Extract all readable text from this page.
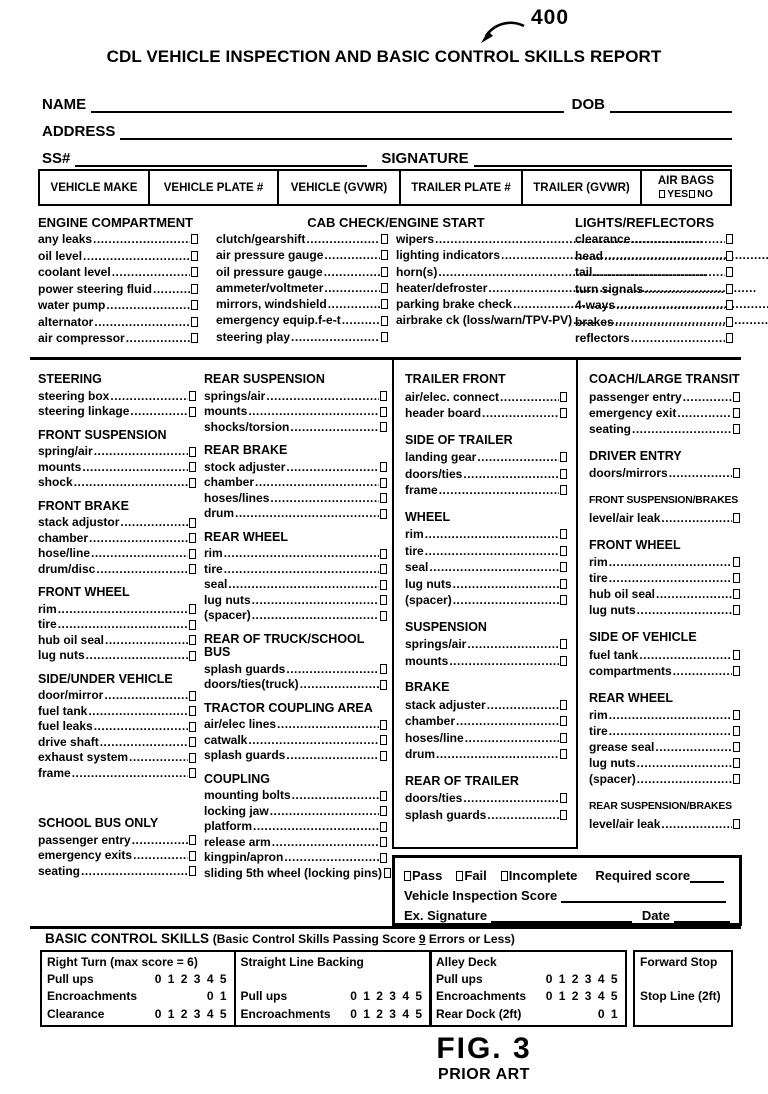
400
CDL VEHICLE INSPECTION AND BASIC CONTROL SKILLS REPORT
NAME	DOB
ADDRESS
SS#	SIGNATURE
VEHICLE MAKE	VEHICLE PLATE #	VEHICLE (GVWR)	TRAILER PLATE #	TRAILER (GVWR)
AIR BAGS
YES NO
ENGINE COMPARTMENT
any leaks
.....
oil level
.....
coolant level
.....
power steering fluid
.....
water pump
.....
alternator
.....
air compressor
.....
CAB CHECK/ENGINE START
clutch/gearshift
.....
air pressure gauge
.....
oil pressure gauge
.....
ammeter/voltmeter
.....
mirrors, windshield
.....
emergency equip.f-e-t
.....
steering play
.....
wipers
.....
lighting indicators
.....
horn(s)
.....
heater/defroster
.....
parking brake check
.....
airbrake ck (loss/warn/TPV-PV)
.....
LIGHTS/REFLECTORS
clearance
.....
head
.....
tail
.....
turn signals
.....
4-ways
.....
brakes
.....
reflectors
.....
STEERING
steering box
.....
steering linkage
.....
FRONT SUSPENSION
spring/air
.....
mounts
.....
shock
.....
FRONT BRAKE
stack adjustor
.....
chamber
.....
hose/line
.....
drum/disc
.....
FRONT WHEEL
rim
.....
tire
.....
hub oil seal
.....
lug nuts
.....
SIDE/UNDER VEHICLE
door/mirror
.....
fuel tank
.....
fuel leaks
.....
drive shaft
.....
exhaust system
.....
frame
.....
SCHOOL BUS ONLY
passenger entry
.....
emergency exits
.....
seating
.....
REAR SUSPENSION
springs/air
.....
mounts
.....
shocks/torsion
.....
REAR BRAKE
stock adjuster
.....
chamber
.....
hoses/lines
.....
drum
.....
REAR WHEEL
rim
.....
tire
.....
seal
.....
lug nuts
.....
(spacer)
.....
REAR OF TRUCK/SCHOOL BUS
splash guards
.....
doors/ties(truck)
.....
TRACTOR COUPLING AREA
air/elec lines
.....
catwalk
.....
splash guards
.....
COUPLING
mounting bolts
.....
locking jaw
.....
platform
.....
release arm
.....
kingpin/apron
.....
sliding 5th wheel (locking pins)
TRAILER FRONT
air/elec. connect
.....
header board
.....
SIDE OF TRAILER
landing gear
.....
doors/ties
.....
frame
.....
WHEEL
rim
.....
tire
.....
seal
.....
lug nuts
.....
(spacer)
.....
SUSPENSION
springs/air
.....
mounts
.....
BRAKE
stack adjuster
.....
chamber
.....
hoses/line
.....
drum
.....
REAR OF TRAILER
doors/ties
.....
splash guards
.....
COACH/LARGE TRANSIT
passenger entry
.....
emergency exit
.....
seating
.....
DRIVER ENTRY
doors/mirrors
.....
FRONT SUSPENSION/BRAKES
level/air leak
.....
FRONT WHEEL
rim
.....
tire
.....
hub oil seal
.....
lug nuts
.....
SIDE OF VEHICLE
fuel tank
.....
compartments
.....
REAR WHEEL
rim
.....
tire
.....
grease seal
.....
lug nuts
.....
(spacer)
.....
REAR SUSPENSION/BRAKES
level/air leak
.....
Pass Fail Incomplete Required score
Vehicle Inspection Score
Ex. Signature	Date
BASIC CONTROL SKILLS (Basic Control Skills Passing Score 9 Errors or Less)
Right Turn (max score = 6)
Pull ups	0 1 2 3 4 5
Encroachments	0 1
Clearance	0 1 2 3 4 5
Straight Line Backing
Pull ups	0 1 2 3 4 5
Encroachments 0 1 2 3 4 5
Alley Deck
Pull ups	0 1 2 3 4 5
Encroachments 0 1 2 3 4 5
Rear Dock (2ft)	0 1
Forward Stop
Stop Line (2ft)
FIG. 3
PRIOR ART
